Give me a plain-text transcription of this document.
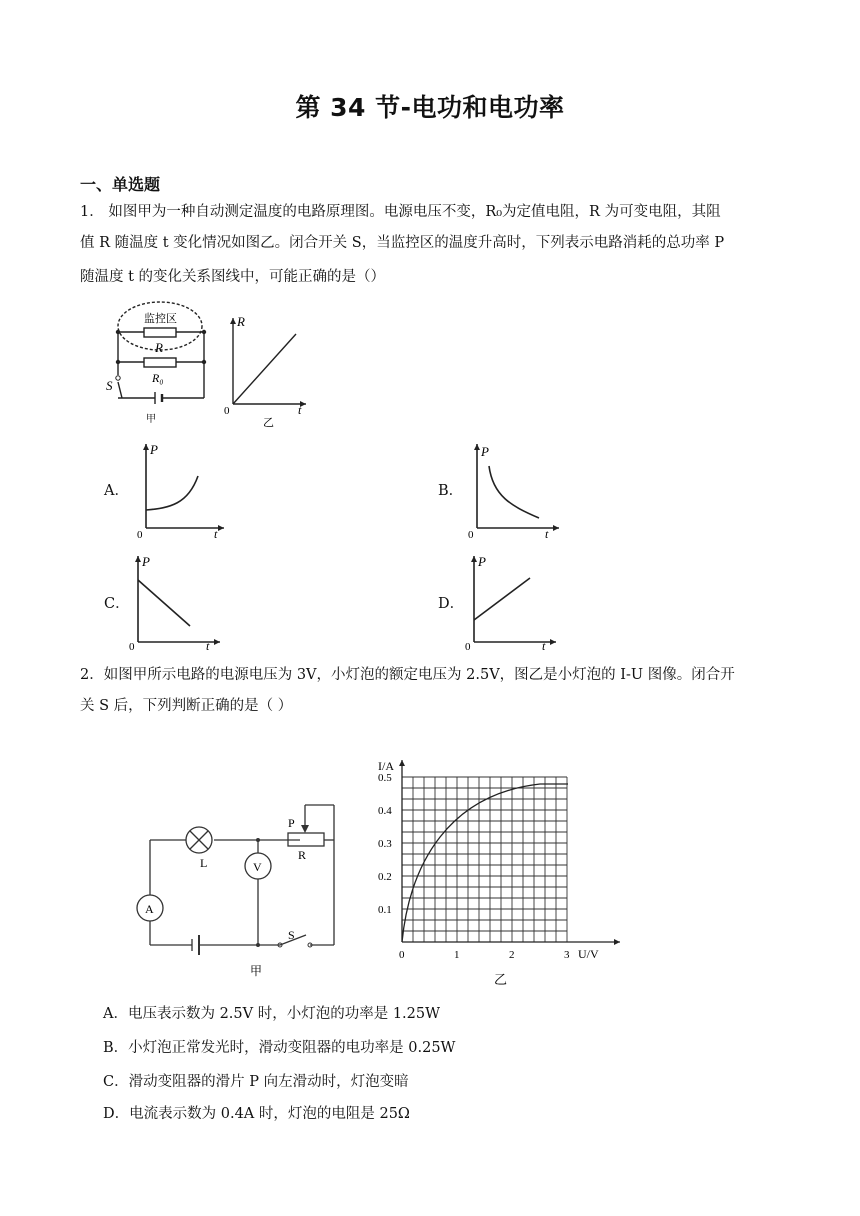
第 34 节-电功和电功率
一、单选题
1． 如图甲为一种自动测定温度的电路原理图。电源电压不变，R₀为定值电阻，R 为可变电阻，其阻
值 R 随温度 t 变化情况如图乙。闭合开关 S，当监控区的温度升高时，下列表示电路消耗的总功率 P
随温度 t 的变化关系图线中，可能正确的是（）
监控区
R
R₀
S
甲
R
t
0
乙
A．
P
t
0
B．
P
t
0
C．
P
t
0
D．
P
t
0
2．如图甲所示电路的电源电压为 3V，小灯泡的额定电压为 2.5V，图乙是小灯泡的 I-U 图像。闭合开
关 S 后，下列判断正确的是（ ）
P
R
L
A
V
S
甲
I/A
U/V
0.5
0.4
0.3
0.2
0.1
0	1	2	3
乙
A．电压表示数为 2.5V 时，小灯泡的功率是 1.25W
B．小灯泡正常发光时，滑动变阻器的电功率是 0.25W
C．滑动变阻器的滑片 P 向左滑动时，灯泡变暗
D．电流表示数为 0.4A 时，灯泡的电阻是 25Ω
